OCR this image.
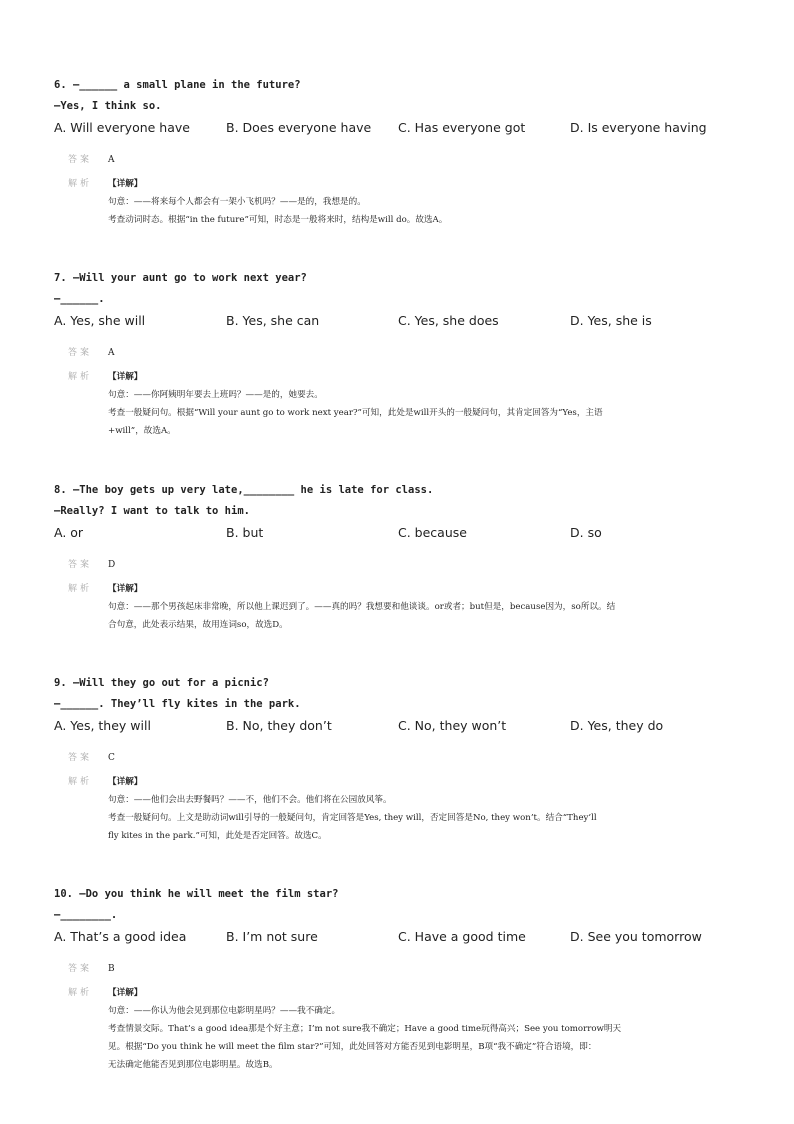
6. —______ a small plane in the future?
—Yes, I think so.
A. Will everyone have	B. Does everyone have C. Has everyone got	D. Is everyone having
答案	A
解析	【详解】
句意：——将来每个人都会有一架小飞机吗？——是的，我想是的。
考查动词时态。根据“in the future”可知，时态是一般将来时，结构是will do。故选A。
7. —Will your aunt go to work next year?
—______.
A. Yes, she will	B. Yes, she can	C. Yes, she does	D. Yes, she is
答案	A
解析	【详解】
句意：——你阿姨明年要去上班吗？——是的，她要去。
考查一般疑问句。根据“Will your aunt go to work next year?”可知，此处是will开头的一般疑问句，其肯定回答为“Yes，主语
+will”，故选A。
8. —The boy gets up very late,________ he is late for class.
—Really? I want to talk to him.
A. or	B. but	C. because	D. so
答案	D
解析	【详解】
句意：——那个男孩起床非常晚，所以他上课迟到了。——真的吗？我想要和他谈谈。or或者；but但是，because因为，so所以。结
合句意，此处表示结果，故用连词so，故选D。
9. —Will they go out for a picnic?
—______. They’ll fly kites in the park.
A. Yes, they will	B. No, they don’t	C. No, they won’t	D. Yes, they do
答案	C
解析	【详解】
句意：——他们会出去野餐吗？——不，他们不会。他们将在公园放风筝。
考查一般疑问句。上文是助动词will引导的一般疑问句，肯定回答是Yes, they will，否定回答是No, they won’t。结合“They’ll
fly kites in the park.”可知，此处是否定回答。故选C。
10. —Do you think he will meet the film star?
—________.
A. That’s a good idea	B. I’m not sure	C. Have a good time	D. See you tomorrow
答案	B
解析	【详解】
句意：——你认为他会见到那位电影明星吗？——我不确定。
考查情景交际。That’s a good idea那是个好主意；I’m not sure我不确定；Have a good time玩得高兴；See you tomorrow明天
见。根据“Do you think he will meet the film star?”可知，此处回答对方能否见到电影明星，B项“我不确定”符合语境，即：
无法确定他能否见到那位电影明星。故选B。
